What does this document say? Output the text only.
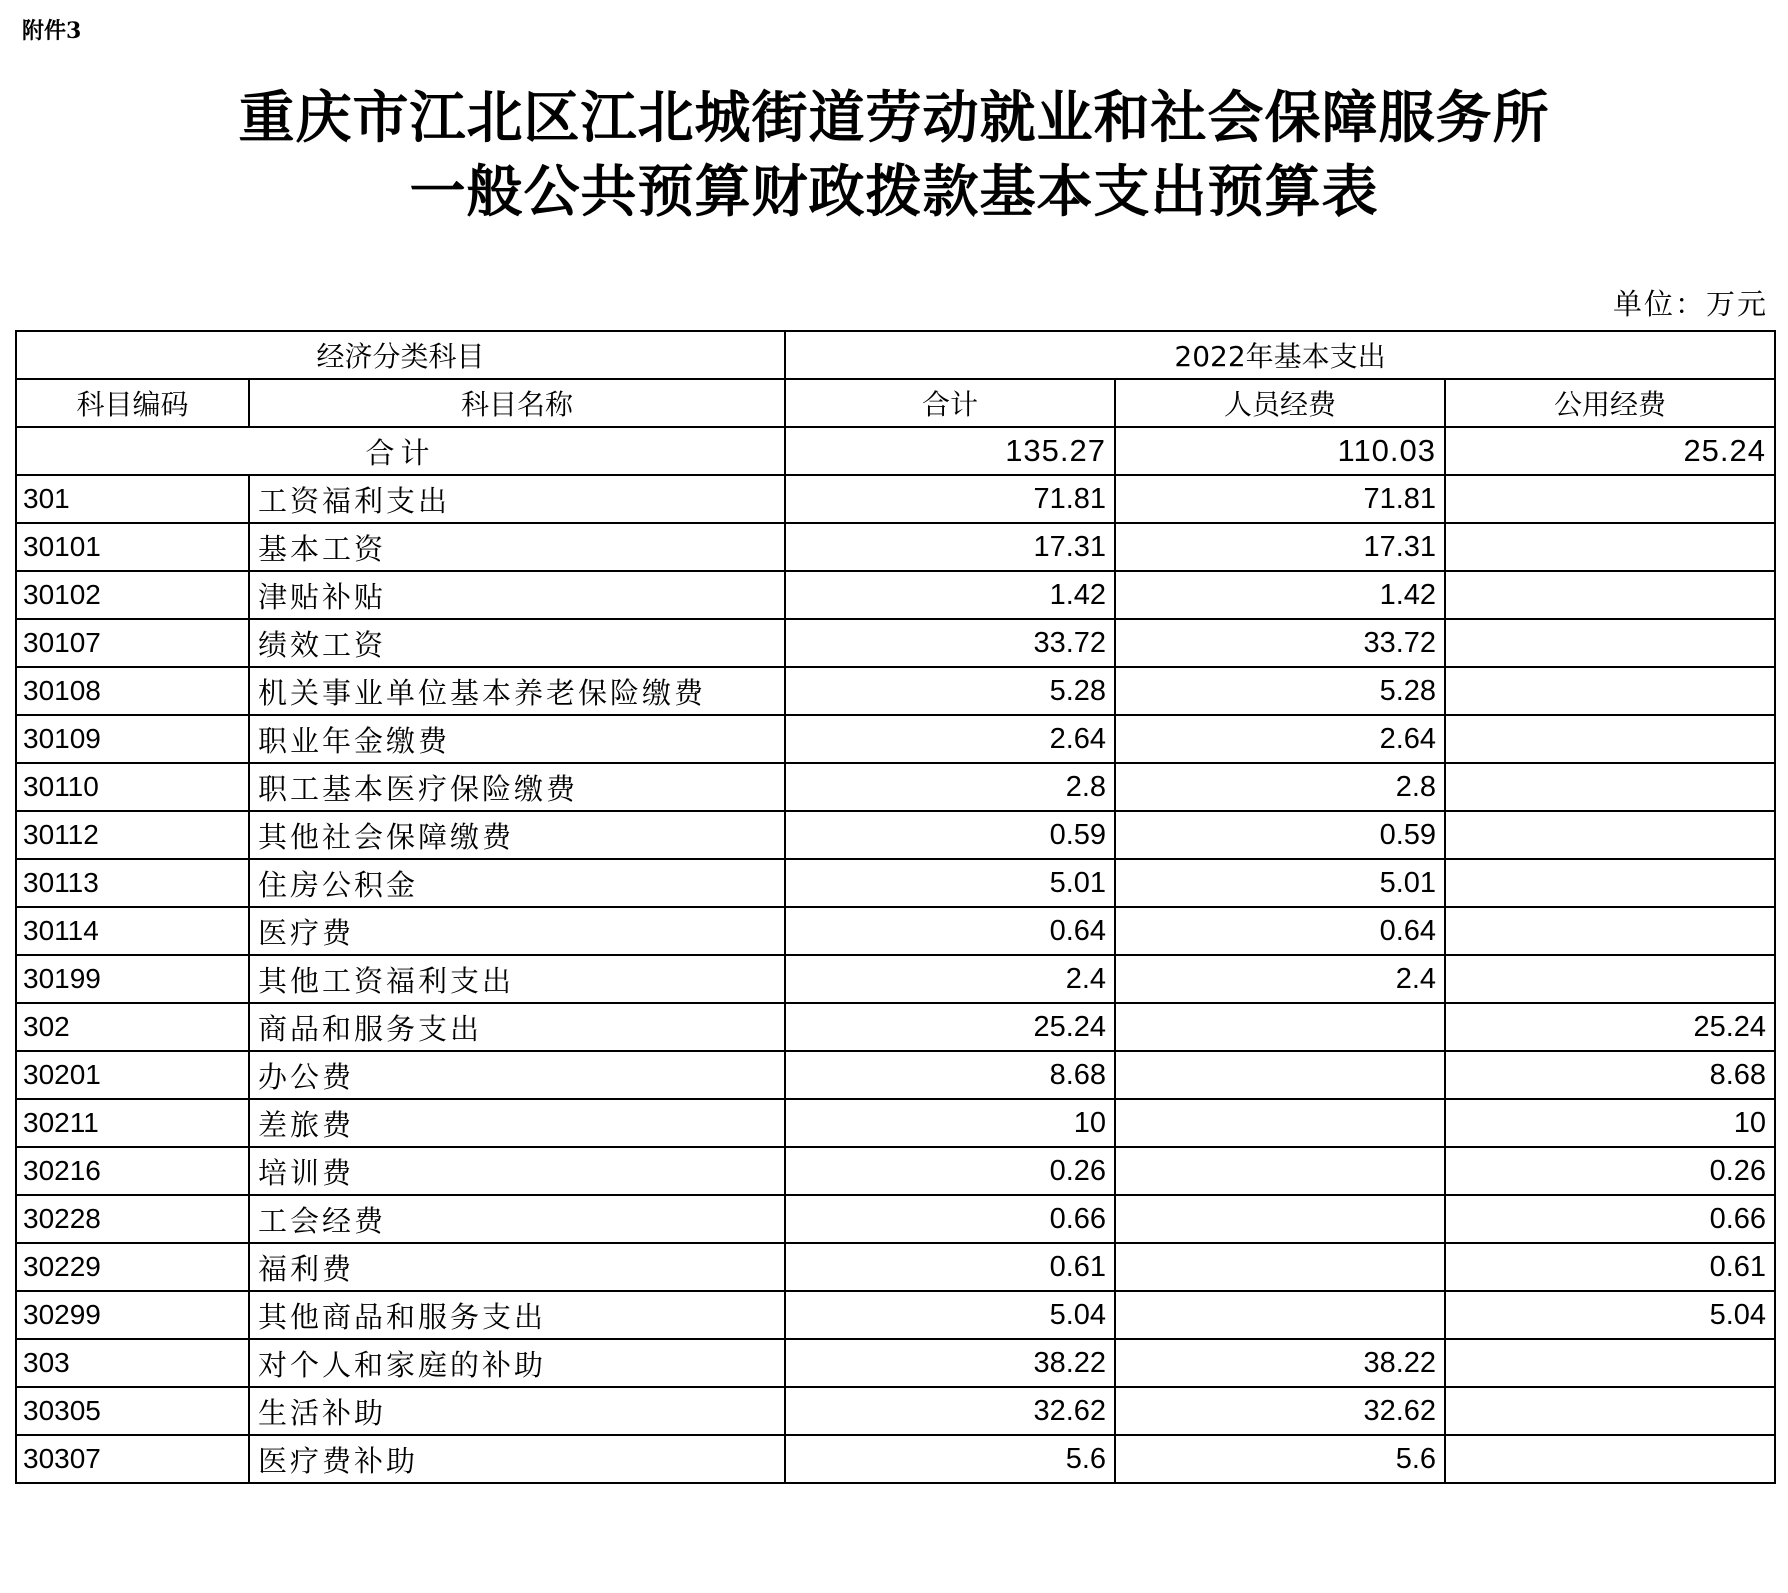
附件3
重庆市江北区江北城街道劳动就业和社会保障服务所
一般公共预算财政拨款基本支出预算表
单位：万元
经济分类科目		2022年基本支出		
科目编码	科目名称	合计	人员经费	公用经费
合计		135.27	110.03	25.24
301	工资福利支出	71.81	71.81	
30101	基本工资	17.31	17.31	
30102	津贴补贴	1.42	1.42	
30107	绩效工资	33.72	33.72	
30108	机关事业单位基本养老保险缴费	5.28	5.28	
30109	职业年金缴费	2.64	2.64	
30110	职工基本医疗保险缴费	2.8	2.8	
30112	其他社会保障缴费	0.59	0.59	
30113	住房公积金	5.01	5.01	
30114	医疗费	0.64	0.64	
30199	其他工资福利支出	2.4	2.4	
302	商品和服务支出	25.24		25.24
30201	办公费	8.68		8.68
30211	差旅费	10		10
30216	培训费	0.26		0.26
30228	工会经费	0.66		0.66
30229	福利费	0.61		0.61
30299	其他商品和服务支出	5.04		5.04
303	对个人和家庭的补助	38.22	38.22	
30305	生活补助	32.62	32.62	
30307	医疗费补助	5.6	5.6	
